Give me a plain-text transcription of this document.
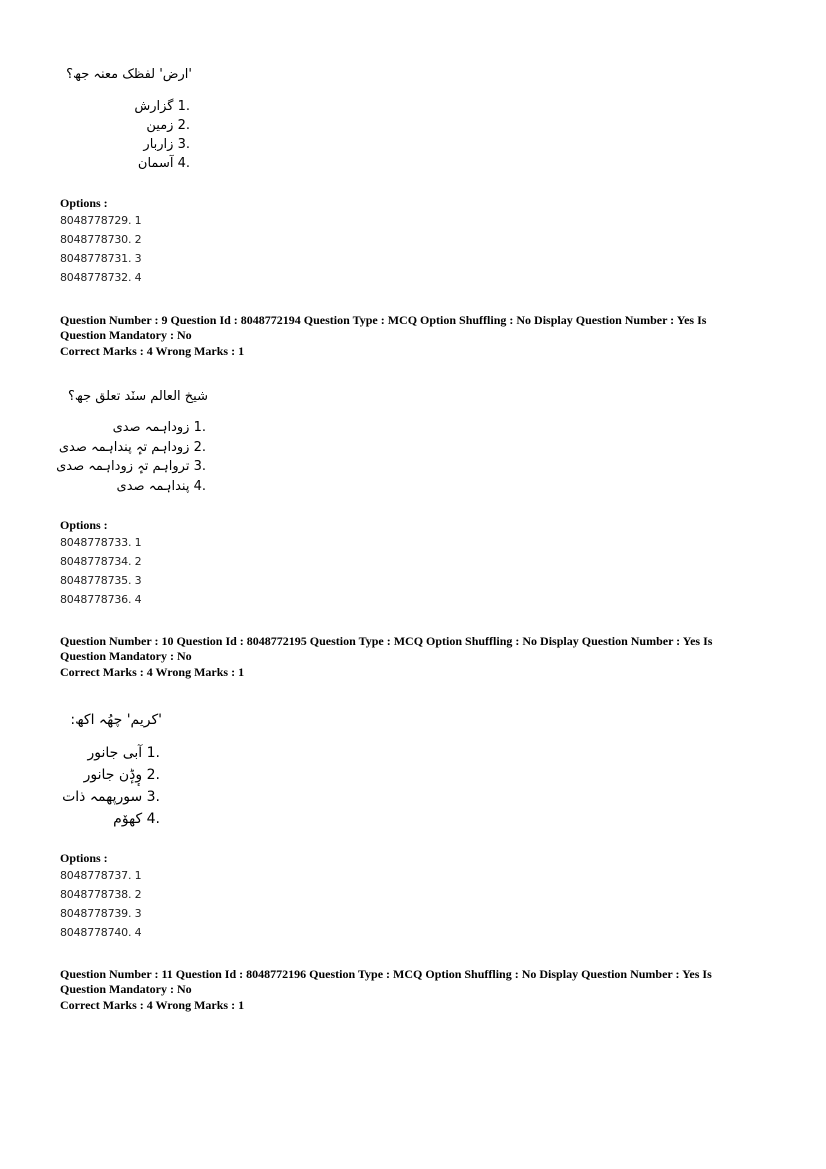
'ارض' لفظک معنہ جھ؟
1. گزارش
2. زمین
3. زاربار
4. آسمان
Options :
8048778729. 1
8048778730. 2
8048778731. 3
8048778732. 4
Question Number : 9 Question Id : 8048772194 Question Type : MCQ Option Shuffling : No Display Question Number : Yes Is
Question Mandatory : No
Correct Marks : 4 Wrong Marks : 1
شیخ العالم سنٚد تعلق جھ؟
1. زوداہمہ صدی
2. زوداہم تہٕ پنداہمہ صدی
3. ترواہم تہٕ زوداہمہ صدی
4. پنداہمہ صدی
Options :
8048778733. 1
8048778734. 2
8048778735. 3
8048778736. 4
Question Number : 10 Question Id : 8048772195 Question Type : MCQ Option Shuffling : No Display Question Number : Yes Is
Question Mandatory : No
Correct Marks : 4 Wrong Marks : 1
'کریم' چھُہ اکھ:
1. آبی جانور
2. وٕڈٕن جانور
3. سورپھمہ ذات
4. کھوٚم
Options :
8048778737. 1
8048778738. 2
8048778739. 3
8048778740. 4
Question Number : 11 Question Id : 8048772196 Question Type : MCQ Option Shuffling : No Display Question Number : Yes Is
Question Mandatory : No
Correct Marks : 4 Wrong Marks : 1
